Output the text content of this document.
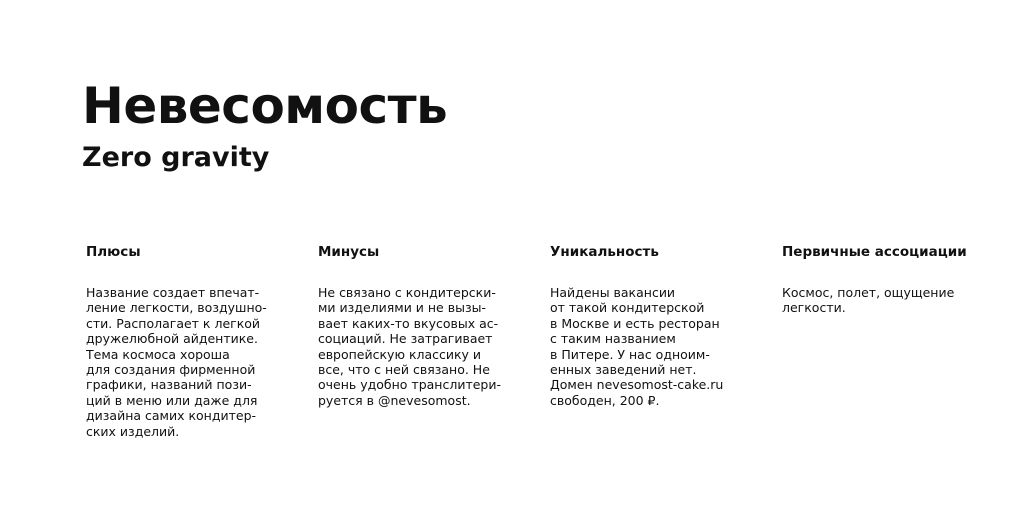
Невесомость
Zero gravity
Плюсы
Название создает впечат-
ление легкости, воздушно-
сти. Располагает к легкой
дружелюбной айдентике.
Тема космоса хороша
для создания фирменной
графики, названий пози-
ций в меню или даже для
дизайна самих кондитер-
ских изделий.
Минусы
Не связано с кондитерски-
ми изделиями и не вызы-
вает каких-то вкусовых ас-
социаций. Не затрагивает
европейскую классику и
все, что с ней связано. Не
очень удобно транслитери-
руется в @nevesomost.
Уникальность
Найдены вакансии
от такой кондитерской
в Москве и есть ресторан
с таким названием
в Питере. У нас одноим-
енных заведений нет.
Домен nevesomost-cake.ru
свободен, 200 ₽.
Первичные ассоциации
Космос, полет, ощущение
легкости.
